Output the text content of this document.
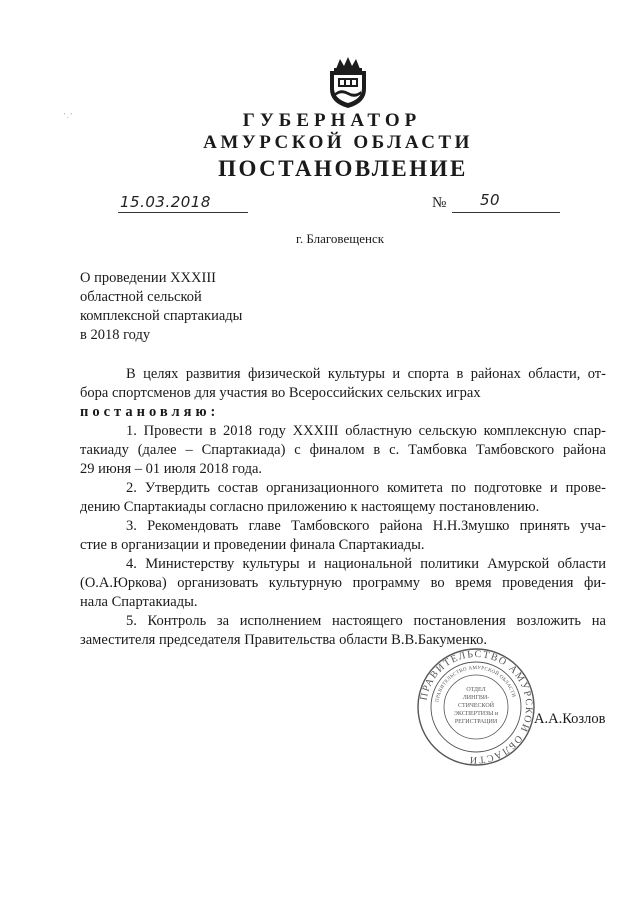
' . '	ГУБЕРНАТОР
АМУРСКОЙ ОБЛАСТИ
ПОСТАНОВЛЕНИЕ
15.03.2018	№ 50
г. Благовещенск
О проведении XXXIII
областной сельской
комплексной спартакиады
в 2018 году
В целях развития физической культуры и спорта в районах области, от-
бора спортсменов для участия во Всероссийских сельских играх
постановляю:
1. Провести в 2018 году XXXIII областную сельскую комплексную спар-
такиаду (далее – Спартакиада) с финалом в с. Тамбовка Тамбовского района
29 июня – 01 июля 2018 года.
2. Утвердить состав организационного комитета по подготовке и прове-
дению Спартакиады согласно приложению к настоящему постановлению.
3. Рекомендовать главе Тамбовского района Н.Н.Змушко принять уча-
стие в организации и проведении финала Спартакиады.
4. Министерству культуры и национальной политики Амурской области
(О.А.Юркова) организовать культурную программу во время проведения фи-
нала Спартакиады.
5. Контроль за исполнением настоящего постановления возложить на
заместителя председателя Правительства области В.В.Бакуменко.
ПРАВИТЕЛЬСТВО АМУРСКОЙ ОБЛАСТИ
ПРАВИТЕЛЬСТВО АМУРСКОЙ ОБЛАСТИ
ОТДЕЛ
ЛИНГВИ-
СТИЧЕСКОЙ
ЭКСПЕРТИЗЫ и
РЕГИСТРАЦИИ	А.А.Козлов
